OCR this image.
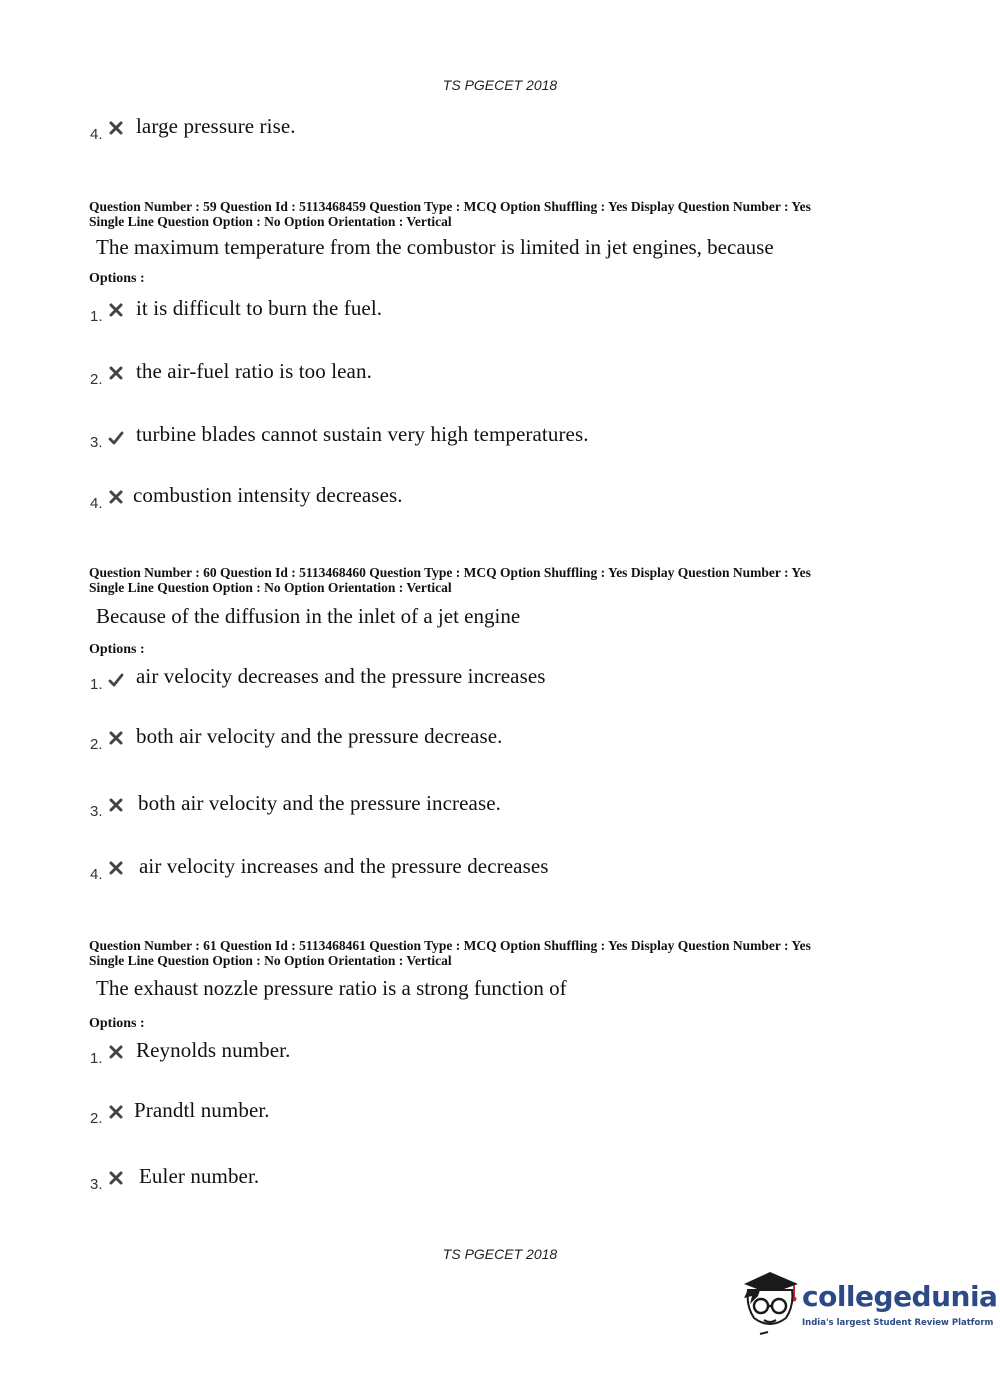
TS PGECET 2018
4. large pressure rise.
Question Number : 59 Question Id : 5113468459 Question Type : MCQ Option Shuffling : Yes Display Question Number : Yes
Single Line Question Option : No Option Orientation : Vertical
The maximum temperature from the combustor is limited in jet engines, because
Options :
1. it is difficult to burn the fuel.
2. the air-fuel ratio is too lean.
3. turbine blades cannot sustain very high temperatures.
4. combustion intensity decreases.
Question Number : 60 Question Id : 5113468460 Question Type : MCQ Option Shuffling : Yes Display Question Number : Yes
Single Line Question Option : No Option Orientation : Vertical
Because of the diffusion in the inlet of a jet engine
Options :
1. air velocity decreases and the pressure increases
2. both air velocity and the pressure decrease.
3. both air velocity and the pressure increase.
4. air velocity increases and the pressure decreases
Question Number : 61 Question Id : 5113468461 Question Type : MCQ Option Shuffling : Yes Display Question Number : Yes
Single Line Question Option : No Option Orientation : Vertical
The exhaust nozzle pressure ratio is a strong function of
Options :
1. Reynolds number.
2. Prandtl number.
3. Euler number.
TS PGECET 2018
collegedunia
India's largest Student Review Platform
